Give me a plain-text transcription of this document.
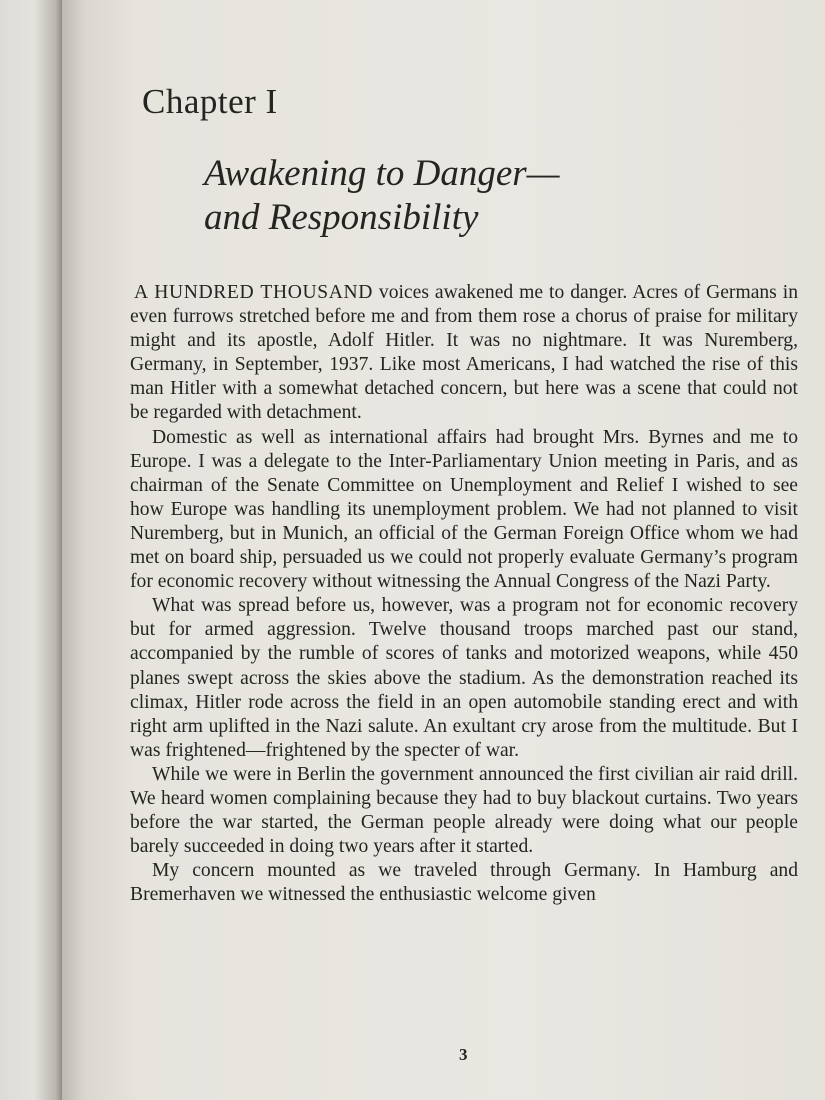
Chapter I
Awakening to Danger—
and Responsibility

A HUNDRED THOUSAND voices awakened me to danger. Acres of Germans in even furrows stretched before me and from them rose a chorus of praise for military might and its apostle, Adolf Hitler. It was no nightmare. It was Nuremberg, Germany, in September, 1937. Like most Americans, I had watched the rise of this man Hitler with a somewhat detached concern, but here was a scene that could not be regarded with detachment.

Domestic as well as international affairs had brought Mrs. Byrnes and me to Europe. I was a delegate to the Inter-Parliamentary Union meeting in Paris, and as chairman of the Senate Committee on Unemployment and Relief I wished to see how Europe was handling its unemployment problem. We had not planned to visit Nuremberg, but in Munich, an official of the German Foreign Office whom we had met on board ship, persuaded us we could not properly evaluate Germany’s program for economic recovery without witnessing the Annual Congress of the Nazi Party.

What was spread before us, however, was a program not for economic recovery but for armed aggression. Twelve thousand troops marched past our stand, accompanied by the rumble of scores of tanks and motorized weapons, while 450 planes swept across the skies above the stadium. As the demonstration reached its climax, Hitler rode across the field in an open automobile standing erect and with right arm uplifted in the Nazi salute. An exultant cry arose from the multitude. But I was frightened—frightened by the specter of war.

While we were in Berlin the government announced the first civilian air raid drill. We heard women complaining because they had to buy blackout curtains. Two years before the war started, the German people already were doing what our people barely succeeded in doing two years after it started.

My concern mounted as we traveled through Germany. In Hamburg and Bremerhaven we witnessed the enthusiastic welcome given

3
